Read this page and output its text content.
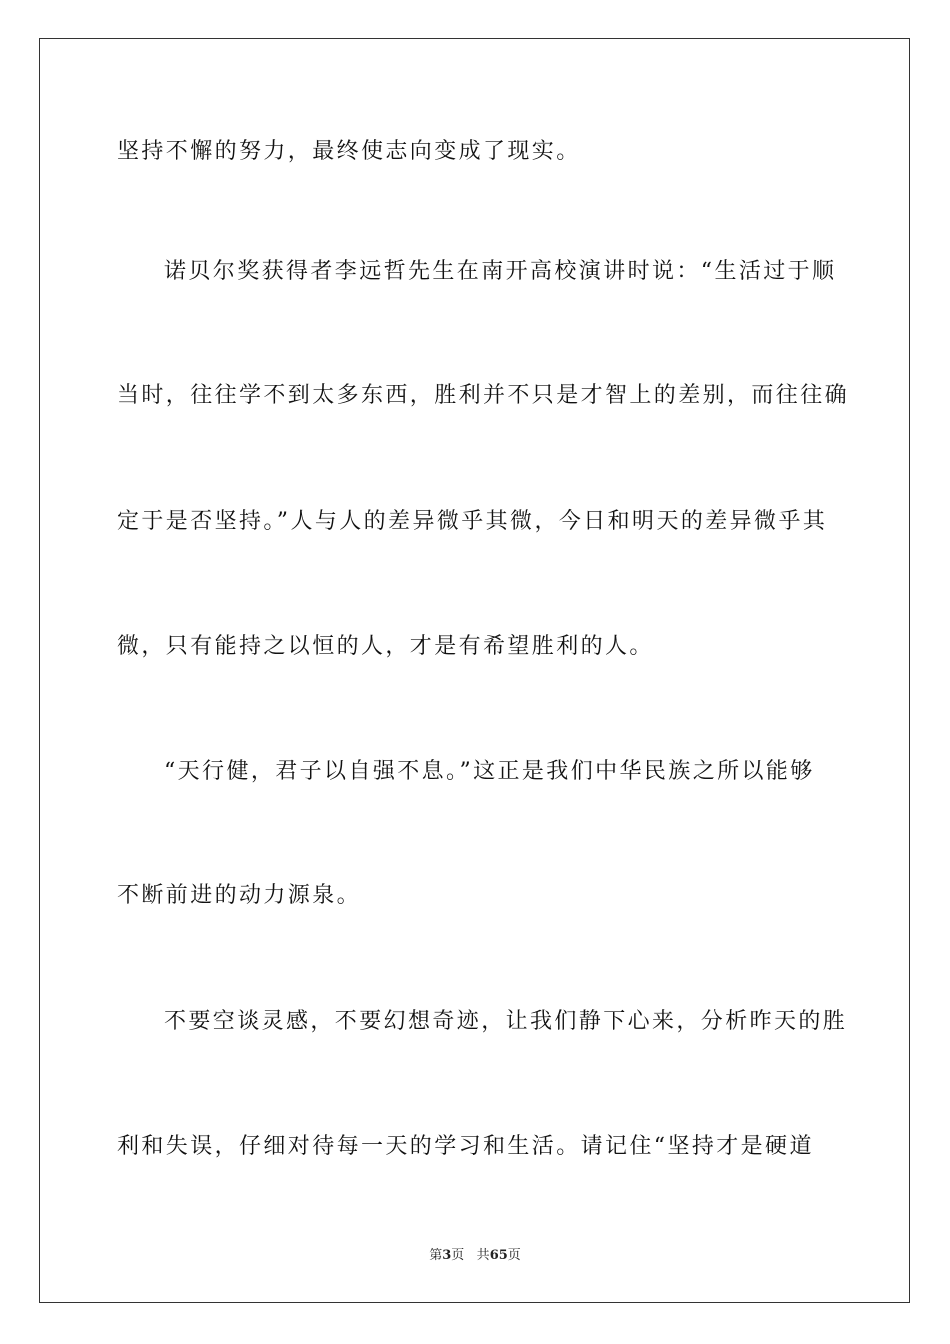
坚持不懈的努力，最终使志向变成了现实。
诺贝尔奖获得者李远哲先生在南开高校演讲时说：“生活过于顺
当时，往往学不到太多东西，胜利并不只是才智上的差别，而往往确
定于是否坚持。”人与人的差异微乎其微，今日和明天的差异微乎其
微，只有能持之以恒的人，才是有希望胜利的人。
“天行健，君子以自强不息。”这正是我们中华民族之所以能够
不断前进的动力源泉。
不要空谈灵感，不要幻想奇迹，让我们静下心来，分析昨天的胜
利和失误，仔细对待每一天的学习和生活。请记住“坚持才是硬道
第3页 共65页
